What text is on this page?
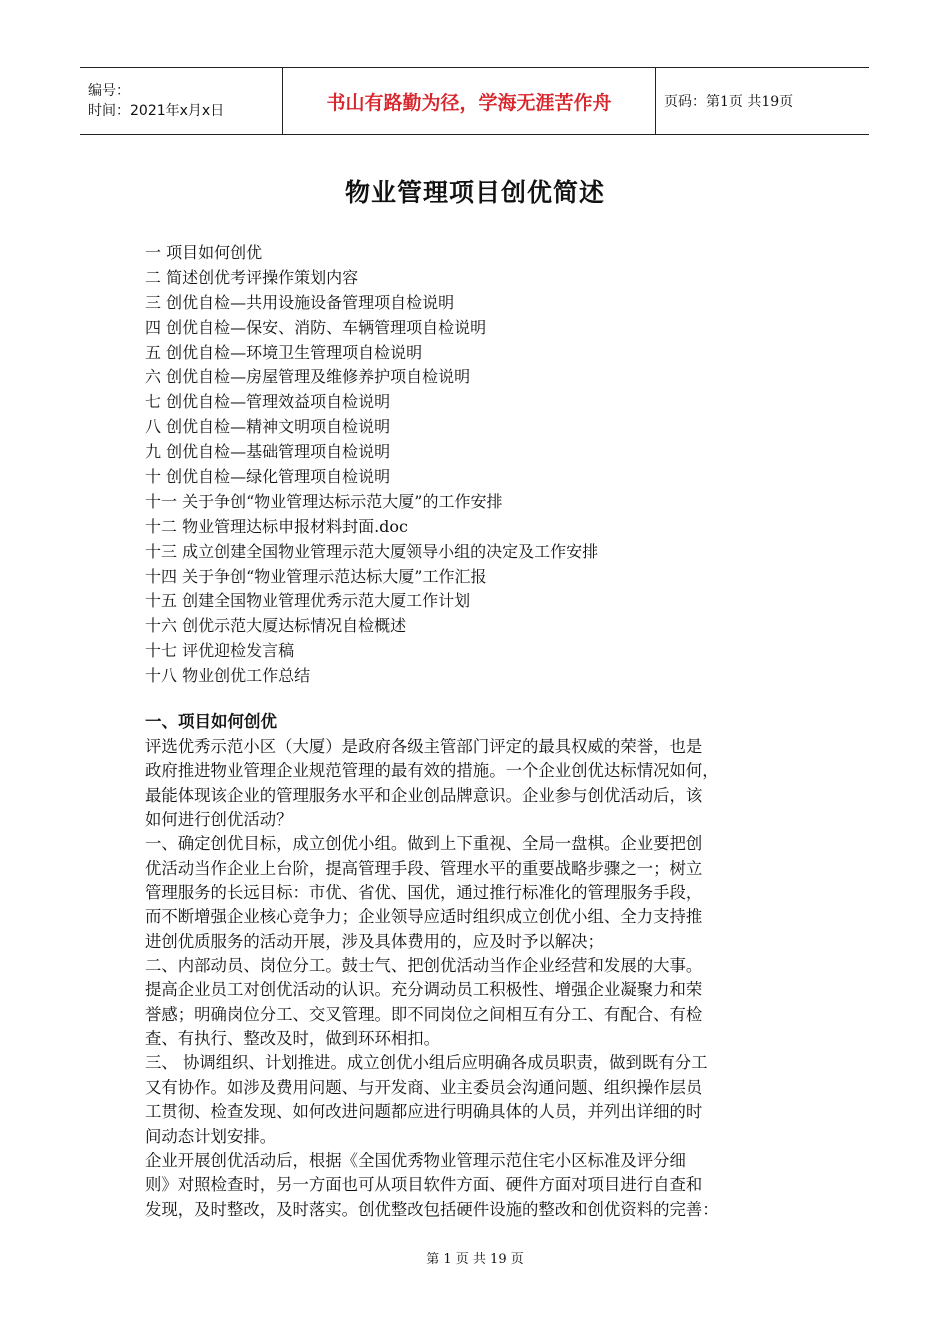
编号：
时间：2021年x月x日	书山有路勤为径，学海无涯苦作舟	页码：第1页 共19页
物业管理项目创优简述
一 项目如何创优
二 简述创优考评操作策划内容
三 创优自检—共用设施设备管理项自检说明
四 创优自检—保安、消防、车辆管理项自检说明
五 创优自检—环境卫生管理项自检说明
六 创优自检—房屋管理及维修养护项自检说明
七 创优自检—管理效益项自检说明
八 创优自检—精神文明项自检说明
九 创优自检—基础管理项自检说明
十 创优自检—绿化管理项自检说明
十一 关于争创“物业管理达标示范大厦”的工作安排
十二 物业管理达标申报材料封面.doc
十三 成立创建全国物业管理示范大厦领导小组的决定及工作安排
十四 关于争创“物业管理示范达标大厦”工作汇报
十五 创建全国物业管理优秀示范大厦工作计划
十六 创优示范大厦达标情况自检概述
十七 评优迎检发言稿
十八 物业创优工作总结
一、项目如何创优
评选优秀示范小区（大厦）是政府各级主管部门评定的最具权威的荣誉，也是
政府推进物业管理企业规范管理的最有效的措施。一个企业创优达标情况如何，
最能体现该企业的管理服务水平和企业创品牌意识。企业参与创优活动后，该
如何进行创优活动？
一、确定创优目标，成立创优小组。做到上下重视、全局一盘棋。企业要把创
优活动当作企业上台阶，提高管理手段、管理水平的重要战略步骤之一；树立
管理服务的长远目标：市优、省优、国优，通过推行标准化的管理服务手段，
而不断增强企业核心竞争力；企业领导应适时组织成立创优小组、全力支持推
进创优质服务的活动开展，涉及具体费用的，应及时予以解决；
二、内部动员、岗位分工。鼓士气、把创优活动当作企业经营和发展的大事。
提高企业员工对创优活动的认识。充分调动员工积极性、增强企业凝聚力和荣
誉感；明确岗位分工、交叉管理。即不同岗位之间相互有分工、有配合、有检
查、有执行、整改及时，做到环环相扣。
三、 协调组织、计划推进。成立创优小组后应明确各成员职责，做到既有分工
又有协作。如涉及费用问题、与开发商、业主委员会沟通问题、组织操作层员
工贯彻、检查发现、如何改进问题都应进行明确具体的人员，并列出详细的时
间动态计划安排。
企业开展创优活动后，根据《全国优秀物业管理示范住宅小区标准及评分细
则》对照检查时，另一方面也可从项目软件方面、硬件方面对项目进行自查和
发现，及时整改，及时落实。创优整改包括硬件设施的整改和创优资料的完善：
第 1 页 共 19 页
